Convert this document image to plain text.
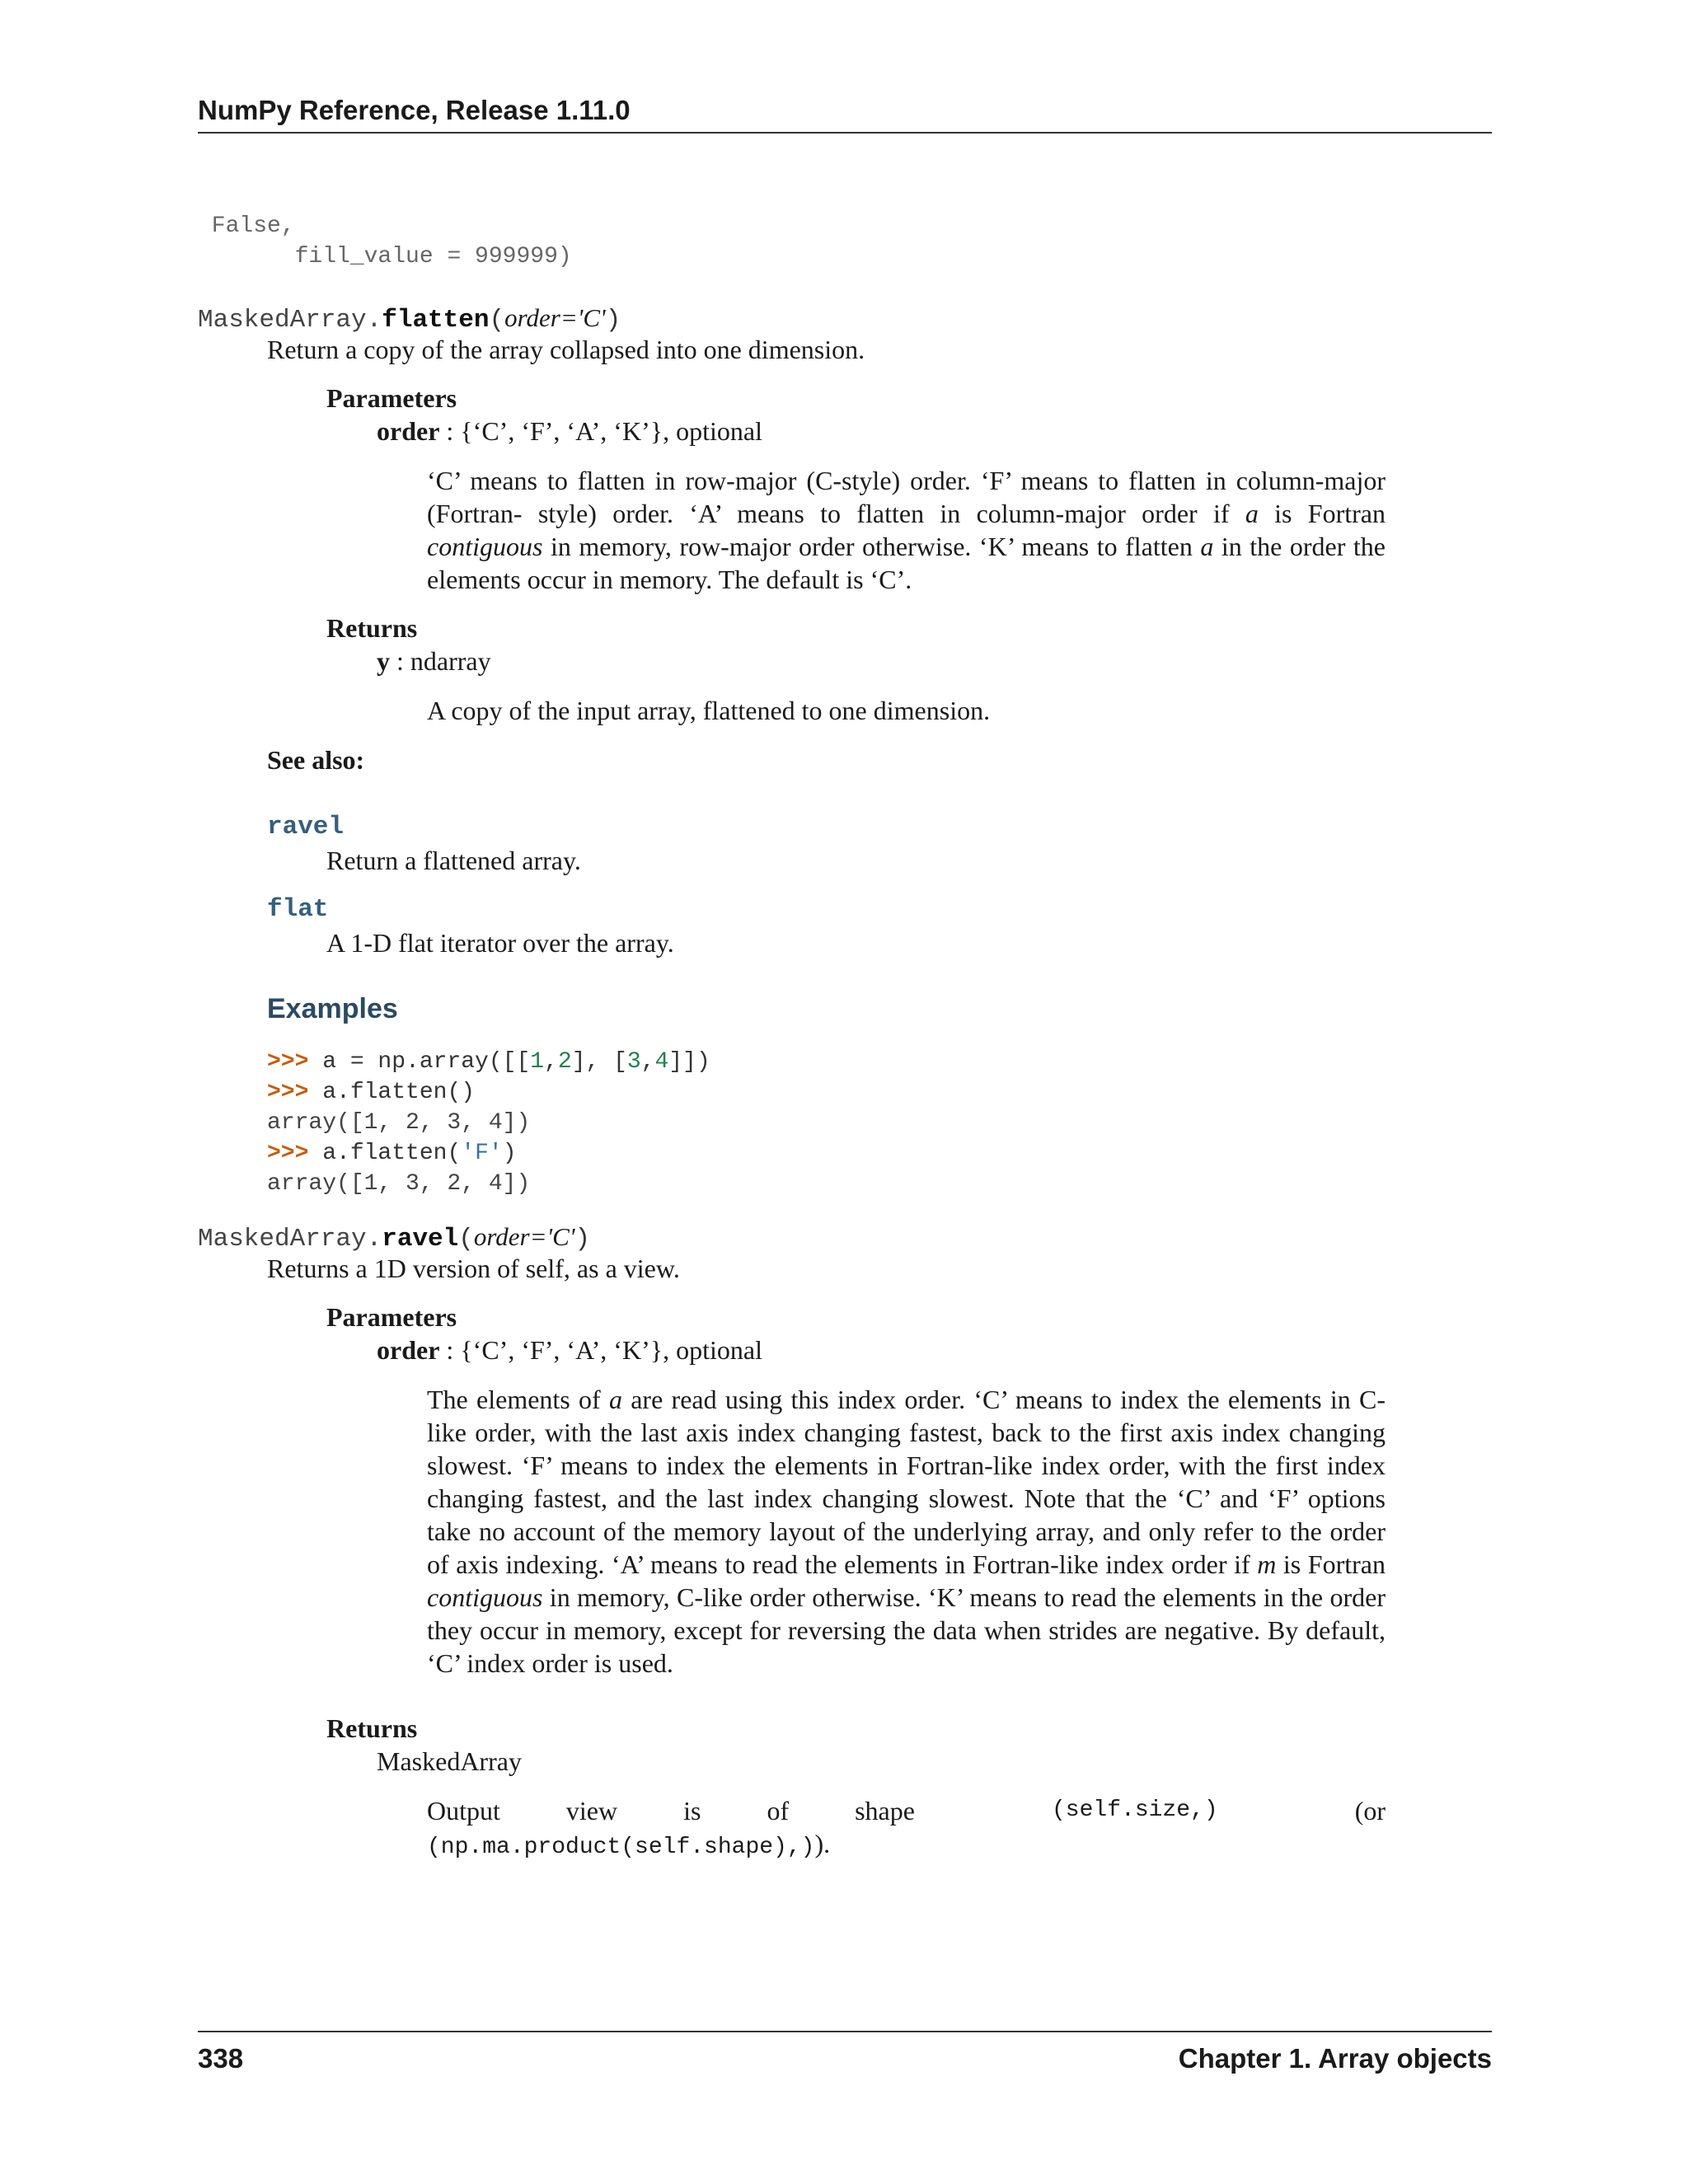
NumPy Reference, Release 1.11.0
False,
fill_value = 999999)
MaskedArray.flatten(order='C')
Return a copy of the array collapsed into one dimension.
Parameters
order : {‘C’, ‘F’, ‘A’, ‘K’}, optional
‘C’ means to flatten in row-major (C-style) order. ‘F’ means to flatten in column-major (Fortran- style) order. ‘A’ means to flatten in column-major order if a is Fortran contiguous in memory, row-major order otherwise. ‘K’ means to flatten a in the order the elements occur in memory. The default is ‘C’.
Returns
y : ndarray
A copy of the input array, flattened to one dimension.
See also:
ravel
Return a flattened array.
flat
A 1-D flat iterator over the array.
Examples
>>> a = np.array([[1,2], [3,4]])
>>> a.flatten()
array([1, 2, 3, 4])
>>> a.flatten('F')
array([1, 3, 2, 4])
MaskedArray.ravel(order='C')
Returns a 1D version of self, as a view.
Parameters
order : {‘C’, ‘F’, ‘A’, ‘K’}, optional
The elements of a are read using this index order. ‘C’ means to index the elements in C-like order, with the last axis index changing fastest, back to the first axis index changing slowest. ‘F’ means to index the elements in Fortran-like index order, with the first index changing fastest, and the last index changing slowest. Note that the ‘C’ and ‘F’ options take no account of the memory layout of the underlying array, and only refer to the order of axis indexing. ‘A’ means to read the elements in Fortran-like index order if m is Fortran contiguous in memory, C-like order otherwise. ‘K’ means to read the elements in the order they occur in memory, except for reversing the data when strides are negative. By default, ‘C’ index order is used.
Returns
MaskedArray
Output view is of shape	(self.size,)	(or
(np.ma.product(self.shape),)).
338	Chapter 1. Array objects
